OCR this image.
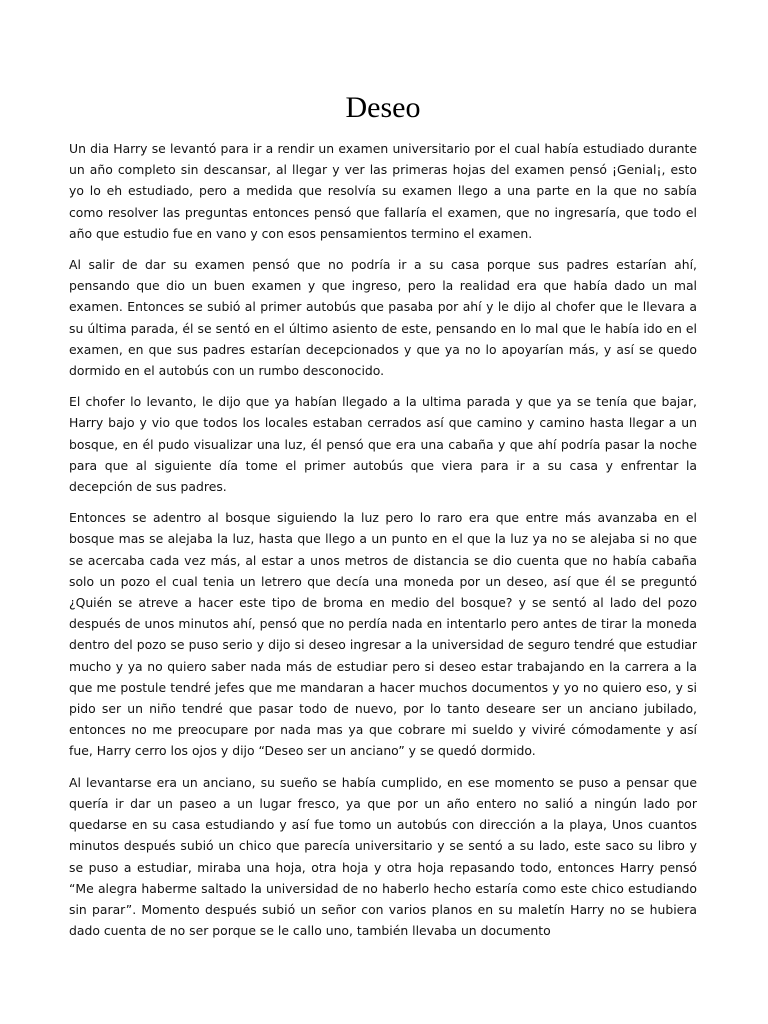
Deseo

Un dia Harry se levantó para ir a rendir un examen universitario por el cual había estudiado durante un año completo sin descansar, al llegar y ver las primeras hojas del examen pensó ¡Genial¡, esto yo lo eh estudiado, pero a medida que resolvía su examen llego a una parte en la que no sabía como resolver las preguntas entonces pensó que fallaría el examen, que no ingresaría, que todo el año que estudio fue en vano y con esos pensamientos termino el examen.

Al salir de dar su examen pensó que no podría ir a su casa porque sus padres estarían ahí, pensando que dio un buen examen y que ingreso, pero la realidad era que había dado un mal examen. Entonces se subió al primer autobús que pasaba por ahí y le dijo al chofer que le llevara a su última parada, él se sentó en el último asiento de este, pensando en lo mal que le había ido en el examen, en que sus padres estarían decepcionados y que ya no lo apoyarían más, y así se quedo dormido en el autobús con un rumbo desconocido.

El chofer lo levanto, le dijo que ya habían llegado a la ultima parada y que ya se tenía que bajar, Harry bajo y vio que todos los locales estaban cerrados así que camino y camino hasta llegar a un bosque, en él pudo visualizar una luz, él pensó que era una cabaña y que ahí podría pasar la noche para que al siguiente día tome el primer autobús que viera para ir a su casa y enfrentar la decepción de sus padres.

Entonces se adentro al bosque siguiendo la luz pero lo raro era que entre más avanzaba en el bosque mas se alejaba la luz, hasta que llego a un punto en el que la luz ya no se alejaba si no que se acercaba cada vez más, al estar a unos metros de distancia se dio cuenta que no había cabaña solo un pozo el cual tenia un letrero que decía una moneda por un deseo, así que él se preguntó ¿Quién se atreve a hacer este tipo de broma en medio del bosque? y se sentó al lado del pozo después de unos minutos ahí, pensó que no perdía nada en intentarlo pero antes de tirar la moneda dentro del pozo se puso serio y dijo si deseo ingresar a la universidad de seguro tendré que estudiar mucho y ya no quiero saber nada más de estudiar pero si deseo estar trabajando en la carrera a la que me postule tendré jefes que me mandaran a hacer muchos documentos y yo no quiero eso, y si pido ser un niño tendré que pasar todo de nuevo, por lo tanto deseare ser un anciano jubilado, entonces no me preocupare por nada mas ya que cobrare mi sueldo y viviré cómodamente y así fue, Harry cerro los ojos y dijo “Deseo ser un anciano” y se quedó dormido.

Al levantarse era un anciano, su sueño se había cumplido, en ese momento se puso a pensar que quería ir dar un paseo a un lugar fresco, ya que por un año entero no salió a ningún lado por quedarse en su casa estudiando y así fue tomo un autobús con dirección a la playa, Unos cuantos minutos después subió un chico que parecía universitario y se sentó a su lado, este saco su libro y se puso a estudiar, miraba una hoja, otra hoja y otra hoja repasando todo, entonces Harry pensó “Me alegra haberme saltado la universidad de no haberlo hecho estaría como este chico estudiando sin parar”. Momento después subió un señor con varios planos en su maletín Harry no se hubiera dado cuenta de no ser porque se le callo uno, también llevaba un documento
